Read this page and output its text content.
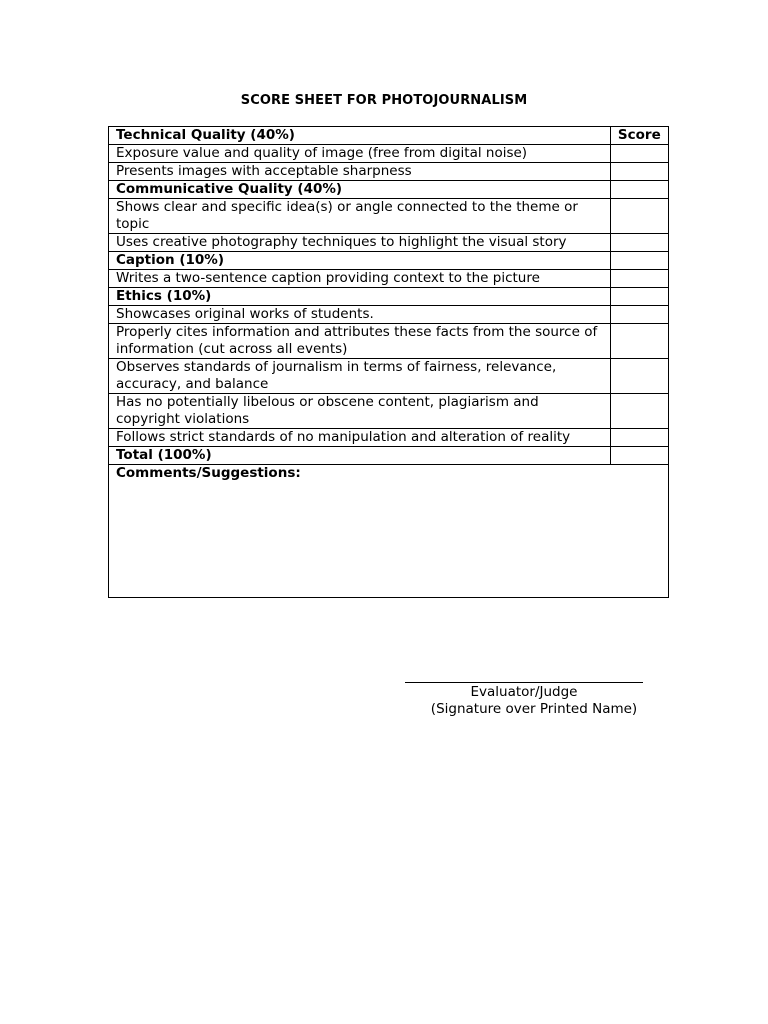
SCORE SHEET FOR PHOTOJOURNALISM
Technical Quality (40%)	Score
Exposure value and quality of image (free from digital noise)	
Presents images with acceptable sharpness	
Communicative Quality (40%)	
Shows clear and specific idea(s) or angle connected to the theme or topic	
Uses creative photography techniques to highlight the visual story	
Caption (10%)	
Writes a two-sentence caption providing context to the picture	
Ethics (10%)	
Showcases original works of students.	
Properly cites information and attributes these facts from the source of information (cut across all events)	
Observes standards of journalism in terms of fairness, relevance, accuracy, and balance	
Has no potentially libelous or obscene content, plagiarism and copyright violations	
Follows strict standards of no manipulation and alteration of reality	
Total (100%)	
Comments/Suggestions:	
Evaluator/Judge
(Signature over Printed Name)
